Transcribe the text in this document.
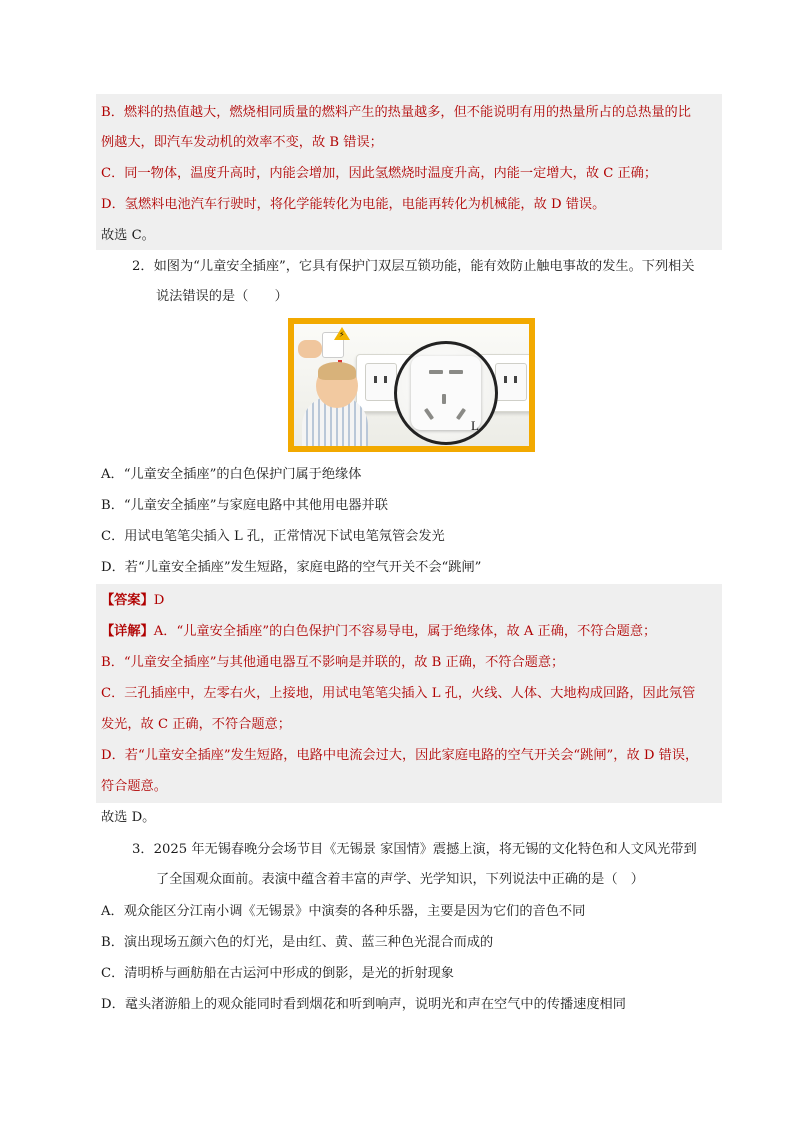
B．燃料的热值越大，燃烧相同质量的燃料产生的热量越多，但不能说明有用的热量所占的总热量的比
例越大，即汽车发动机的效率不变，故 B 错误；
C．同一物体，温度升高时，内能会增加，因此氢燃烧时温度升高，内能一定增大，故 C 正确；
D．氢燃料电池汽车行驶时，将化学能转化为电能，电能再转化为机械能，故 D 错误。
故选 C。
2．如图为“儿童安全插座”，它具有保护门双层互锁功能，能有效防止触电事故的发生。下列相关
说法错误的是（　　）
⚡
L
A．“儿童安全插座”的白色保护门属于绝缘体
B．“儿童安全插座”与家庭电路中其他用电器并联
C．用试电笔笔尖插入 L 孔，正常情况下试电笔氖管会发光
D．若“儿童安全插座”发生短路，家庭电路的空气开关不会“跳闸”
【答案】D
【详解】A．“儿童安全插座”的白色保护门不容易导电，属于绝缘体，故 A 正确，不符合题意；
B．“儿童安全插座”与其他通电器互不影响是并联的，故 B 正确，不符合题意；
C．三孔插座中，左零右火，上接地，用试电笔笔尖插入 L 孔，火线、人体、大地构成回路，因此氖管
发光，故 C 正确，不符合题意；
D．若“儿童安全插座”发生短路，电路中电流会过大，因此家庭电路的空气开关会“跳闸”，故 D 错误，
符合题意。
故选 D。
3．2025 年无锡春晚分会场节目《无锡景 家国情》震撼上演，将无锡的文化特色和人文风光带到
了全国观众面前。表演中蕴含着丰富的声学、光学知识，下列说法中正确的是（　）
A．观众能区分江南小调《无锡景》中演奏的各种乐器，主要是因为它们的音色不同
B．演出现场五颜六色的灯光，是由红、黄、蓝三种色光混合而成的
C．清明桥与画舫船在古运河中形成的倒影，是光的折射现象
D．鼋头渚游船上的观众能同时看到烟花和听到响声，说明光和声在空气中的传播速度相同
